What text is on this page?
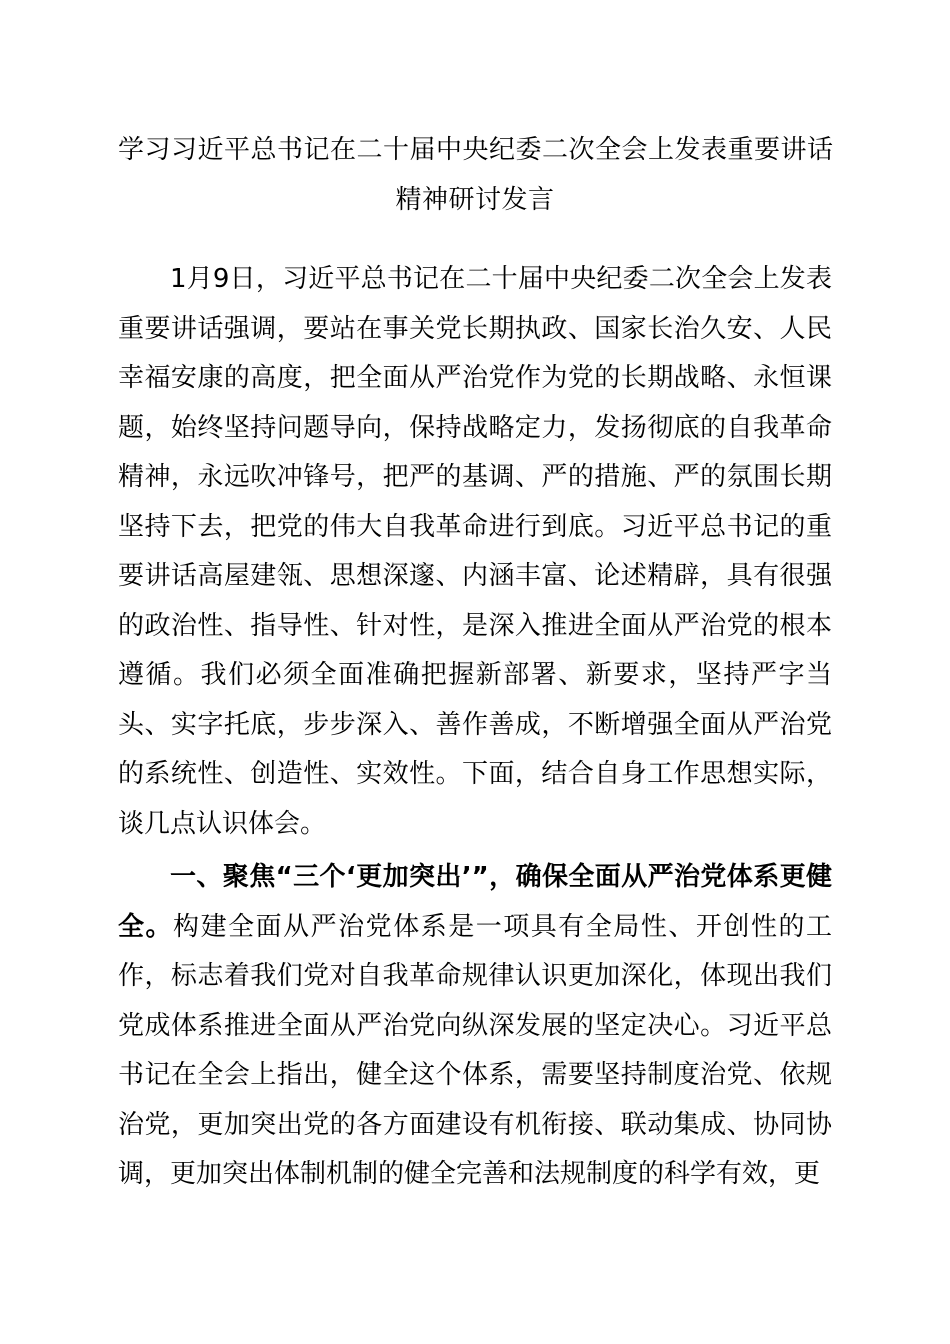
学习习近平总书记在二十届中央纪委二次全会上发表重要讲话
精神研讨发言

1月9日，习近平总书记在二十届中央纪委二次全会上发表重要讲话强调，要站在事关党长期执政、国家长治久安、人民幸福安康的高度，把全面从严治党作为党的长期战略、永恒课题，始终坚持问题导向，保持战略定力，发扬彻底的自我革命精神，永远吹冲锋号，把严的基调、严的措施、严的氛围长期坚持下去，把党的伟大自我革命进行到底。习近平总书记的重要讲话高屋建瓴、思想深邃、内涵丰富、论述精辟，具有很强的政治性、指导性、针对性，是深入推进全面从严治党的根本遵循。我们必须全面准确把握新部署、新要求，坚持严字当头、实字托底，步步深入、善作善成，不断增强全面从严治党的系统性、创造性、实效性。下面，结合自身工作思想实际，谈几点认识体会。

一、聚焦“三个‘更加突出’”，确保全面从严治党体系更健全。构建全面从严治党体系是一项具有全局性、开创性的工作，标志着我们党对自我革命规律认识更加深化，体现出我们党成体系推进全面从严治党向纵深发展的坚定决心。习近平总书记在全会上指出，健全这个体系，需要坚持制度治党、依规治党，更加突出党的各方面建设有机衔接、联动集成、协同协调，更加突出体制机制的健全完善和法规制度的科学有效，更
